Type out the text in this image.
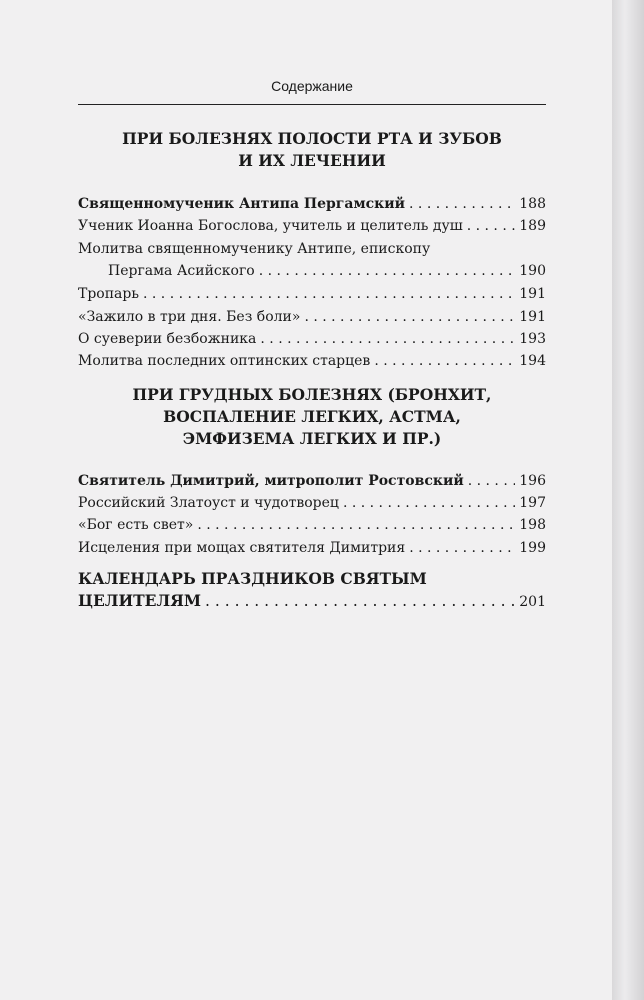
Содержание
ПРИ БОЛЕЗНЯХ ПОЛОСТИ РТА И ЗУБОВ
И ИХ ЛЕЧЕНИИ
Священномученик Антипа Пергамский . . .	188
Ученик Иоанна Богослова, учитель и целитель душ . . .	189
Молитва священномученику Антипе, епископу
Пергама Асийского . . .	190
Тропарь . . .	191
«Зажило в три дня. Без боли» . . .	191
О суеверии безбожника . . .	193
Молитва последних оптинских старцев . . .	194
ПРИ ГРУДНЫХ БОЛЕЗНЯХ (БРОНХИТ,
ВОСПАЛЕНИЕ ЛЕГКИХ, АСТМА,
ЭМФИЗЕМА ЛЕГКИХ И ПР.)
Святитель Димитрий, митрополит Ростовский . . .	196
Российский Златоуст и чудотворец . . .	197
«Бог есть свет» . . .	198
Исцеления при мощах святителя Димитрия . . .	199
КАЛЕНДАРЬ ПРАЗДНИКОВ СВЯТЫМ
ЦЕЛИТЕЛЯМ . . .	201
